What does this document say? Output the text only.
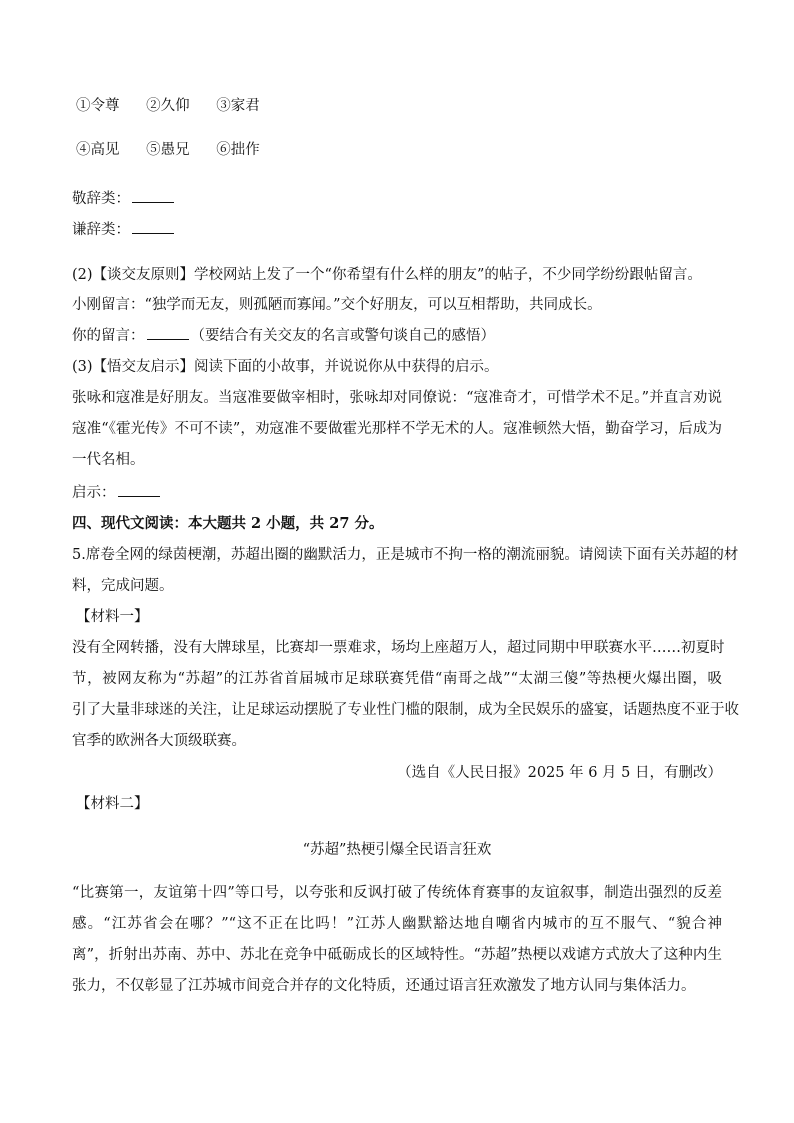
①令尊 ②久仰 ③家君
④高见 ⑤愚兄 ⑥拙作
敬辞类：
谦辞类：
(2)【谈交友原则】学校网站上发了一个“你希望有什么样的朋友”的帖子，不少同学纷纷跟帖留言。
小刚留言：“独学而无友，则孤陋而寡闻。”交个好朋友，可以互相帮助，共同成长。
你的留言：	（要结合有关交友的名言或警句谈自己的感悟）
(3)【悟交友启示】阅读下面的小故事，并说说你从中获得的启示。
张咏和寇准是好朋友。当寇准要做宰相时，张咏却对同僚说：“寇准奇才，可惜学术不足。”并直言劝说
寇准“《霍光传》不可不读”，劝寇准不要做霍光那样不学无术的人。寇准顿然大悟，勤奋学习，后成为
一代名相。
启示：
四、现代文阅读：本大题共 2 小题，共 27 分。
5.席卷全网的绿茵梗潮，苏超出圈的幽默活力，正是城市不拘一格的潮流丽貌。请阅读下面有关苏超的材
料，完成问题。
【材料一】
没有全网转播，没有大牌球星，比赛却一票难求，场均上座超万人，超过同期中甲联赛水平……初夏时
节，被网友称为“苏超”的江苏省首届城市足球联赛凭借“南哥之战”“太湖三傻”等热梗火爆出圈，吸
引了大量非球迷的关注，让足球运动摆脱了专业性门槛的限制，成为全民娱乐的盛宴，话题热度不亚于收
官季的欧洲各大顶级联赛。
（选自《人民日报》2025 年 6 月 5 日，有删改）
【材料二】
“苏超”热梗引爆全民语言狂欢
“比赛第一，友谊第十四”等口号，以夸张和反讽打破了传统体育赛事的友谊叙事，制造出强烈的反差
感。“江苏省会在哪？”“这不正在比吗！”江苏人幽默豁达地自嘲省内城市的互不服气、“貌合神
离”，折射出苏南、苏中、苏北在竞争中砥砺成长的区域特性。“苏超”热梗以戏谑方式放大了这种内生
张力，不仅彰显了江苏城市间竞合并存的文化特质，还通过语言狂欢激发了地方认同与集体活力。
